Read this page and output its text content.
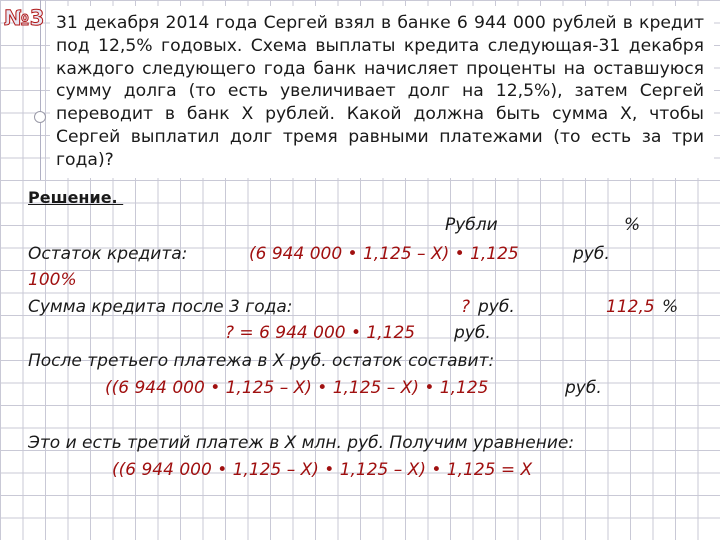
№3 31 декабря 2014 года Сергей взял в банке 6 944 000 рублей в кредит под 12,5% годовых. Схема выплаты кредита следующая-31 декабря каждого следующего года банк начисляет проценты на оставшуюся сумму долга (то есть увеличивает долг на 12,5%), затем Сергей переводит в банк Х рублей. Какой должна быть сумма Х, чтобы Сергей выплатил долг тремя равными платежами (то есть за три года)?
Решение.
Рубли	%
Остаток кредита:	(6 944 000 • 1,125 – Х) • 1,125	руб.
100%
Сумма кредита после 3 года:	? руб.	112,5 %
? = 6 944 000 • 1,125 руб.
После третьего платежа в Х руб. остаток составит:
((6 944 000 • 1,125 – Х) • 1,125 – Х) • 1,125	руб.
Это и есть третий платеж в Х млн. руб. Получим уравнение:
((6 944 000 • 1,125 – Х) • 1,125 – Х) • 1,125 = Х
